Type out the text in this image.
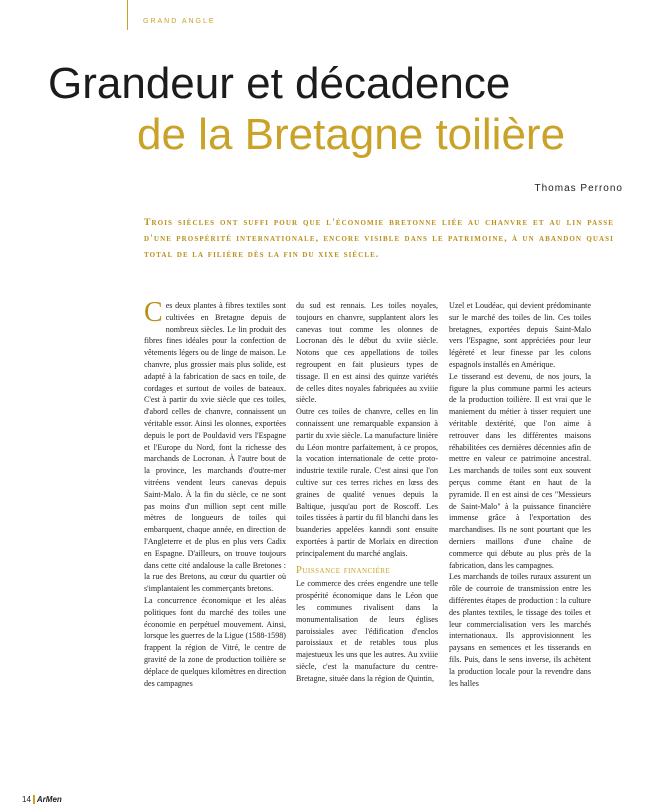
GRAND ANGLE
Grandeur et décadence
de la Bretagne toilière
Thomas Perrono
Trois siècles ont suffi pour que l'économie bretonne liée au chanvre et au lin passe d'une prospérité internationale, encore visible dans le patrimoine, à un abandon quasi total de la filière dès la fin du xixe siècle.

Ces deux plantes à fibres textiles sont cultivées en Bretagne depuis de nombreux siècles. Le lin produit des fibres fines idéales pour la confection de vêtements légers ou de linge de maison. Le chanvre, plus grossier mais plus solide, est adapté à la fabrication de sacs en toile, de cordages et surtout de voiles de bateaux. C'est à partir du xvie siècle que ces toiles, d'abord celles de chanvre, connaissent un véritable essor. Ainsi les olonnes, exportées depuis le port de Pouldavid vers l'Espagne et l'Europe du Nord, font la richesse des marchands de Locronan. À l'autre bout de la province, les marchands d'outre-mer vitréens vendent leurs canevas depuis Saint-Malo. À la fin du siècle, ce ne sont pas moins d'un million sept cent mille mètres de longueurs de toiles qui embarquent, chaque année, en direction de l'Angleterre et de plus en plus vers Cadix en Espagne. D'ailleurs, on trouve toujours dans cette cité andalouse la calle Bretones : la rue des Bretons, au cœur du quartier où s'implantaient les commerçants bretons.

La concurrence économique et les aléas politiques font du marché des toiles une économie en perpétuel mouvement. Ainsi, lorsque les guerres de la Ligue (1588-1598) frappent la région de Vitré, le centre de gravité de la zone de production toilière se déplace de quelques kilomètres en direction des campagnes

du sud est rennais. Les toiles noyales, toujours en chanvre, supplantent alors les canevas tout comme les olonnes de Locronan dès le début du xviie siècle. Notons que ces appellations de toiles regroupent en fait plusieurs types de tissage. Il en est ainsi des quinze variétés de celles dites noyales fabriquées au xviiie siècle.

Outre ces toiles de chanvre, celles en lin connaissent une remarquable expansion à partir du xvie siècle. La manufacture linière du Léon montre parfaitement, à ce propos, la vocation internationale de cette proto-industrie textile rurale. C'est ainsi que l'on cultive sur ces terres riches en lœss des graines de qualité venues depuis la Baltique, jusqu'au port de Roscoff. Les toiles tissées à partir du fil blanchi dans les buanderies appelées kanndi sont ensuite exportées à partir de Morlaix en direction principalement du marché anglais.

Puissance financière

Le commerce des crées engendre une telle prospérité économique dans le Léon que les communes rivalisent dans la monumentalisation de leurs églises paroissiales avec l'édification d'enclos paroissiaux et de retables tous plus majestueux les uns que les autres. Au xviiie siècle, c'est la manufacture du centre-Bretagne, située dans la région de Quintin,

Uzel et Loudéac, qui devient prédominante sur le marché des toiles de lin. Ces toiles bretagnes, exportées depuis Saint-Malo vers l'Espagne, sont appréciées pour leur légèreté et leur finesse par les colons espagnols installés en Amérique.

Le tisserand est devenu, de nos jours, la figure la plus commune parmi les acteurs de la production toilière. Il est vrai que le maniement du métier à tisser requiert une véritable dextérité, que l'on aime à retrouver dans les différentes maisons réhabilitées ces dernières décennies afin de mettre en valeur ce patrimoine ancestral. Les marchands de toiles sont eux souvent perçus comme étant en haut de la pyramide. Il en est ainsi de ces "Messieurs de Saint-Malo" à la puissance financière immense grâce à l'exportation des marchandises. Ils ne sont pourtant que les derniers maillons d'une chaîne de commerce qui débute au plus près de la fabrication, dans les campagnes.

Les marchands de toiles ruraux assurent un rôle de courroie de transmission entre les différentes étapes de production : la culture des plantes textiles, le tissage des toiles et leur commercialisation vers les marchés internationaux. Ils approvisionnent les paysans en semences et les tisserands en fils. Puis, dans le sens inverse, ils achètent la production locale pour la revendre dans les halles

14 ArMen
